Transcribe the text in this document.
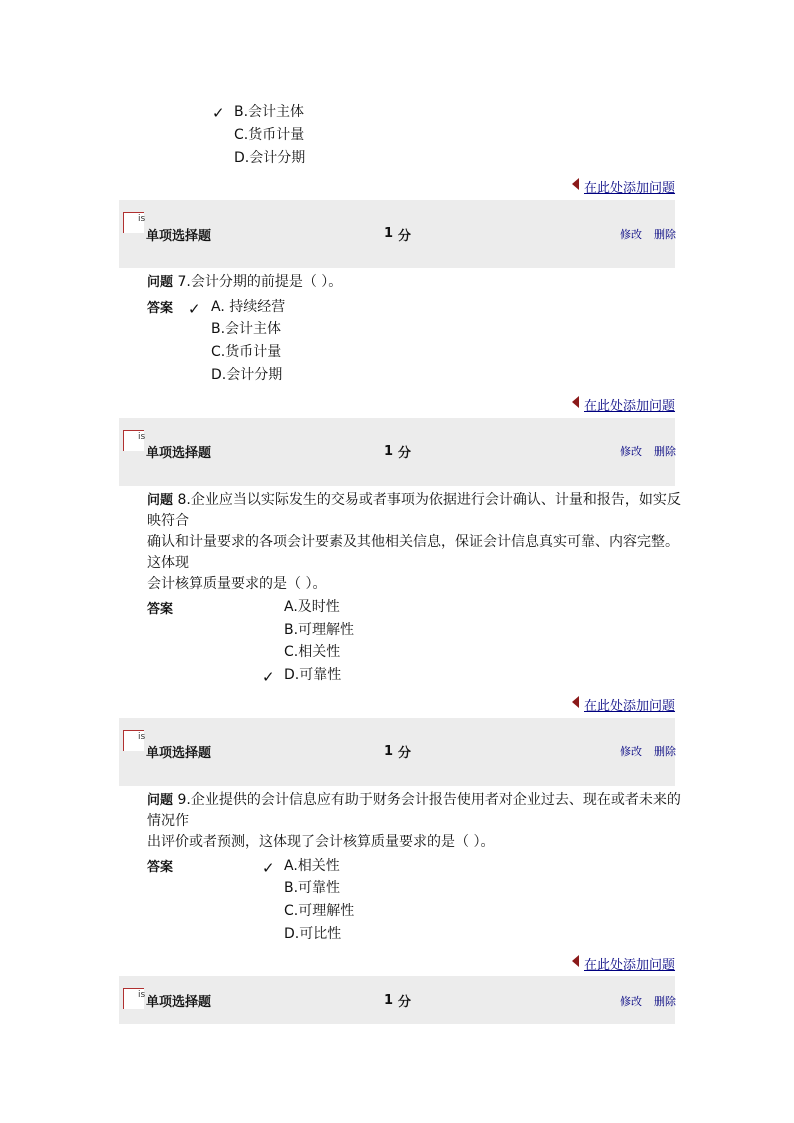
✓ B.会计主体
C.货币计量
D.会计分期
在此处添加问题
is
单项选择题	1 分	修改 删除
问题 7.会计分期的前提是（ ）。
答案 ✓ A. 持续经营
B.会计主体
C.货币计量
D.会计分期
在此处添加问题
is
单项选择题	1 分	修改 删除
问题 8.企业应当以实际发生的交易或者事项为依据进行会计确认、计量和报告，如实反
映符合
确认和计量要求的各项会计要素及其他相关信息，保证会计信息真实可靠、内容完整。
这体现
会计核算质量要求的是（ ）。
答案	A.及时性
B.可理解性
C.相关性
✓ D.可靠性
在此处添加问题
is
单项选择题	1 分	修改 删除
问题 9.企业提供的会计信息应有助于财务会计报告使用者对企业过去、现在或者未来的
情况作
出评价或者预测，这体现了会计核算质量要求的是（ ）。
答案	✓ A.相关性
B.可靠性
C.可理解性
D.可比性
在此处添加问题
is 单项选择题	1 分	修改 删除
